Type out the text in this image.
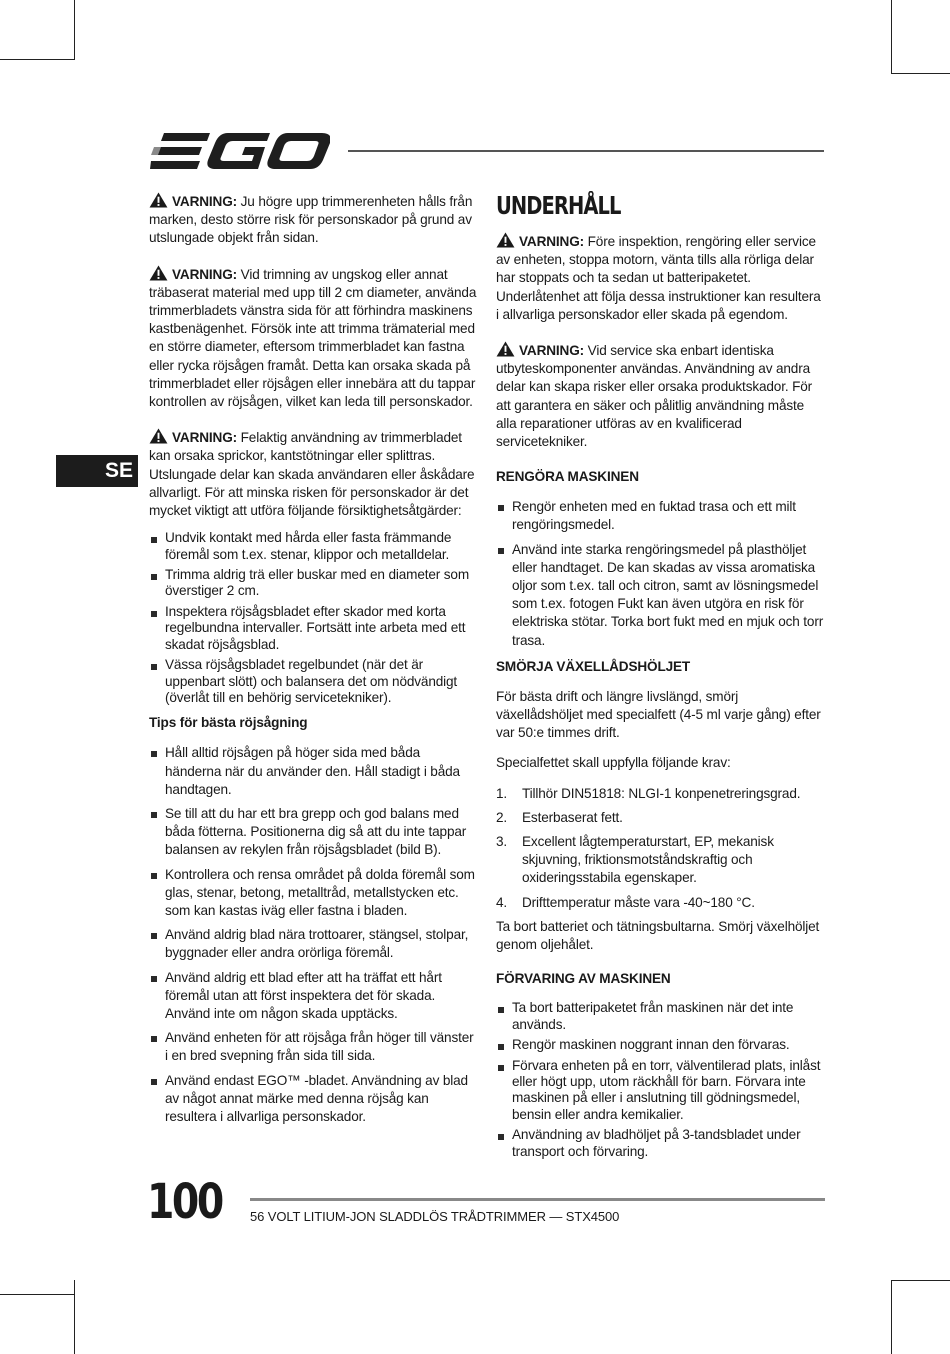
SE

VARNING: Ju högre upp trimmerenheten hålls från marken, desto större risk för personskador på grund av utslungade objekt från sidan.

VARNING: Vid trimning av ungskog eller annat träbaserat material med upp till 2 cm diameter, använda trimmerbladets vänstra sida för att förhindra maskinens kastbenägenhet. Försök inte att trimma trämaterial med en större diameter, eftersom trimmerbladet kan fastna eller rycka röjsågen framåt. Detta kan orsaka skada på trimmerbladet eller röjsågen eller innebära att du tappar kontrollen av röjsågen, vilket kan leda till personskador.

VARNING: Felaktig användning av trimmerbladet kan orsaka sprickor, kantstötningar eller splittras. Utslungade delar kan skada användaren eller åskådare allvarligt. För att minska risken för personskador är det mycket viktigt att utföra följande försiktighetsåtgärder:

Undvik kontakt med hårda eller fasta främmande föremål som t.ex. stenar, klippor och metalldelar.
Trimma aldrig trä eller buskar med en diameter som överstiger 2 cm.
Inspektera röjsågsbladet efter skador med korta regelbundna intervaller. Fortsätt inte arbeta med ett skadat röjsågsblad.
Vässa röjsågsbladet regelbundet (när det är uppenbart slött) och balansera det om nödvändigt (överlåt till en behörig servicetekniker).
Tips för bästa röjsågning
Håll alltid röjsågen på höger sida med båda händerna när du använder den. Håll stadigt i båda handtagen.
Se till att du har ett bra grepp och god balans med båda fötterna. Positionerna dig så att du inte tappar balansen av rekylen från röjsågsbladet (bild B).
Kontrollera och rensa området på dolda föremål som glas, stenar, betong, metalltråd, metallstycken etc. som kan kastas iväg eller fastna i bladen.
Använd aldrig blad nära trottoarer, stängsel, stolpar, byggnader eller andra orörliga föremål.
Använd aldrig ett blad efter att ha träffat ett hårt föremål utan att först inspektera det för skada. Använd inte om någon skada upptäcks.
Använd enheten för att röjsåga från höger till vänster i en bred svepning från sida till sida.
Använd endast EGO™ -bladet. Användning av blad av något annat märke med denna röjsåg kan resultera i allvarliga personskador.
UNDERHÅLL

VARNING: Före inspektion, rengöring eller service av enheten, stoppa motorn, vänta tills alla rörliga delar har stoppats och ta sedan ut batteripaketet. Underlåtenhet att följa dessa instruktioner kan resultera i allvarliga personskador eller skada på egendom.

VARNING: Vid service ska enbart identiska utbyteskomponenter användas. Användning av andra delar kan skapa risker eller orsaka produktskador. För att garantera en säker och pålitlig användning måste alla reparationer utföras av en kvalificerad servicetekniker.

RENGÖRA MASKINEN
Rengör enheten med en fuktad trasa och ett milt rengöringsmedel.
Använd inte starka rengöringsmedel på plasthöljet eller handtaget. De kan skadas av vissa aromatiska oljor som t.ex. tall och citron, samt av lösningsmedel som t.ex. fotogen Fukt kan även utgöra en risk för elektriska stötar. Torka bort fukt med en mjuk och torr trasa.
SMÖRJA VÄXELLÅDSHÖLJET

För bästa drift och längre livslängd, smörj växellådshöljet med specialfett (4-5 ml varje gång) efter var 50:e timmes drift.

Specialfettet skall uppfylla följande krav:

1. Tillhör DIN51818: NLGI-1 konpenetreringsgrad.
2. Esterbaserat fett.
3. Excellent lågtemperaturstart, EP, mekanisk skjuvning, friktionsmotståndskraftig och oxideringsstabila egenskaper.
4. Drifttemperatur måste vara -40~180 °C.

Ta bort batteriet och tätningsbultarna. Smörj växelhöljet genom oljehålet.

FÖRVARING AV MASKINEN
Ta bort batteripaketet från maskinen när det inte används.
Rengör maskinen noggrant innan den förvaras.
Förvara enheten på en torr, välventilerad plats, inlåst eller högt upp, utom räckhåll för barn. Förvara inte maskinen på eller i anslutning till gödningsmedel, bensin eller andra kemikalier.
Användning av bladhöljet på 3-tandsbladet under transport och förvaring.
100 56 VOLT LITIUM-JON SLADDLÖS TRÅDTRIMMER — STX4500
